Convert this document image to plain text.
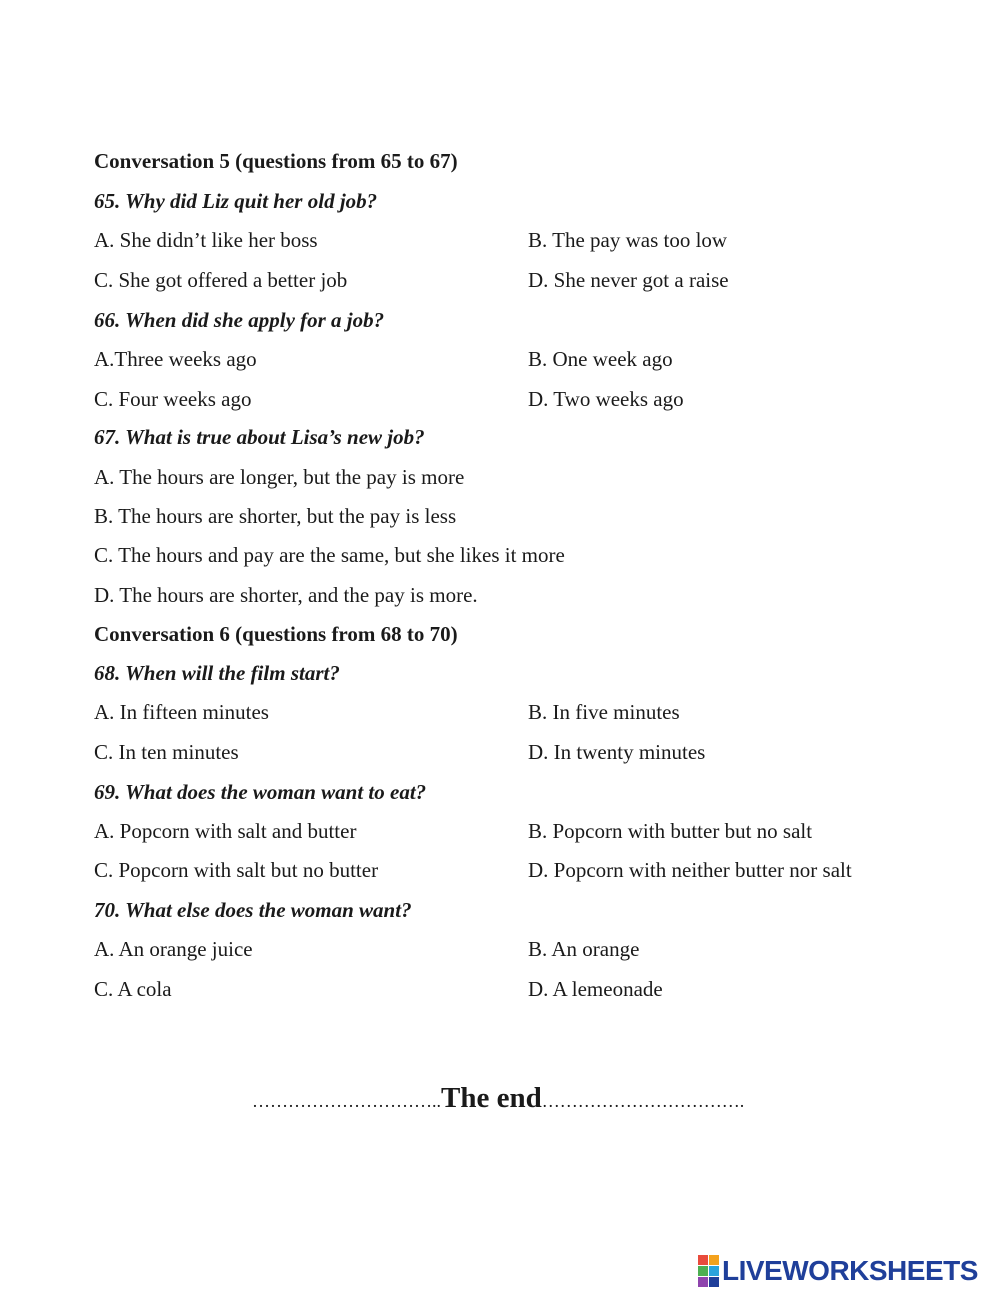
Conversation 5 (questions from 65 to 67)
65. Why did Liz quit her old job?
A. She didn’t like her boss	B. The pay was too low
C. She got offered a better job	D. She never got a raise
66. When did she apply for a job?
A.Three weeks ago	B. One week ago
C. Four weeks ago	D. Two weeks ago
67. What is true about Lisa’s new job?
A. The hours are longer, but the pay is more
B. The hours are shorter, but the pay is less
C. The hours and pay are the same, but she likes it more
D. The hours are shorter, and the pay is more.
Conversation 6 (questions from 68 to 70)
68. When will the film start?
A. In fifteen minutes	B. In five minutes
C. In ten minutes	D. In twenty minutes
69. What does the woman want to eat?
A. Popcorn with salt and butter	B. Popcorn with butter but no salt
C. Popcorn with salt but no butter	D. Popcorn with neither butter nor salt
70. What else does the woman want?
A. An orange juice	B. An orange
C. A cola	D. A lemeonade
…………………………..The end…………………………….
LIVEWORKSHEETS
